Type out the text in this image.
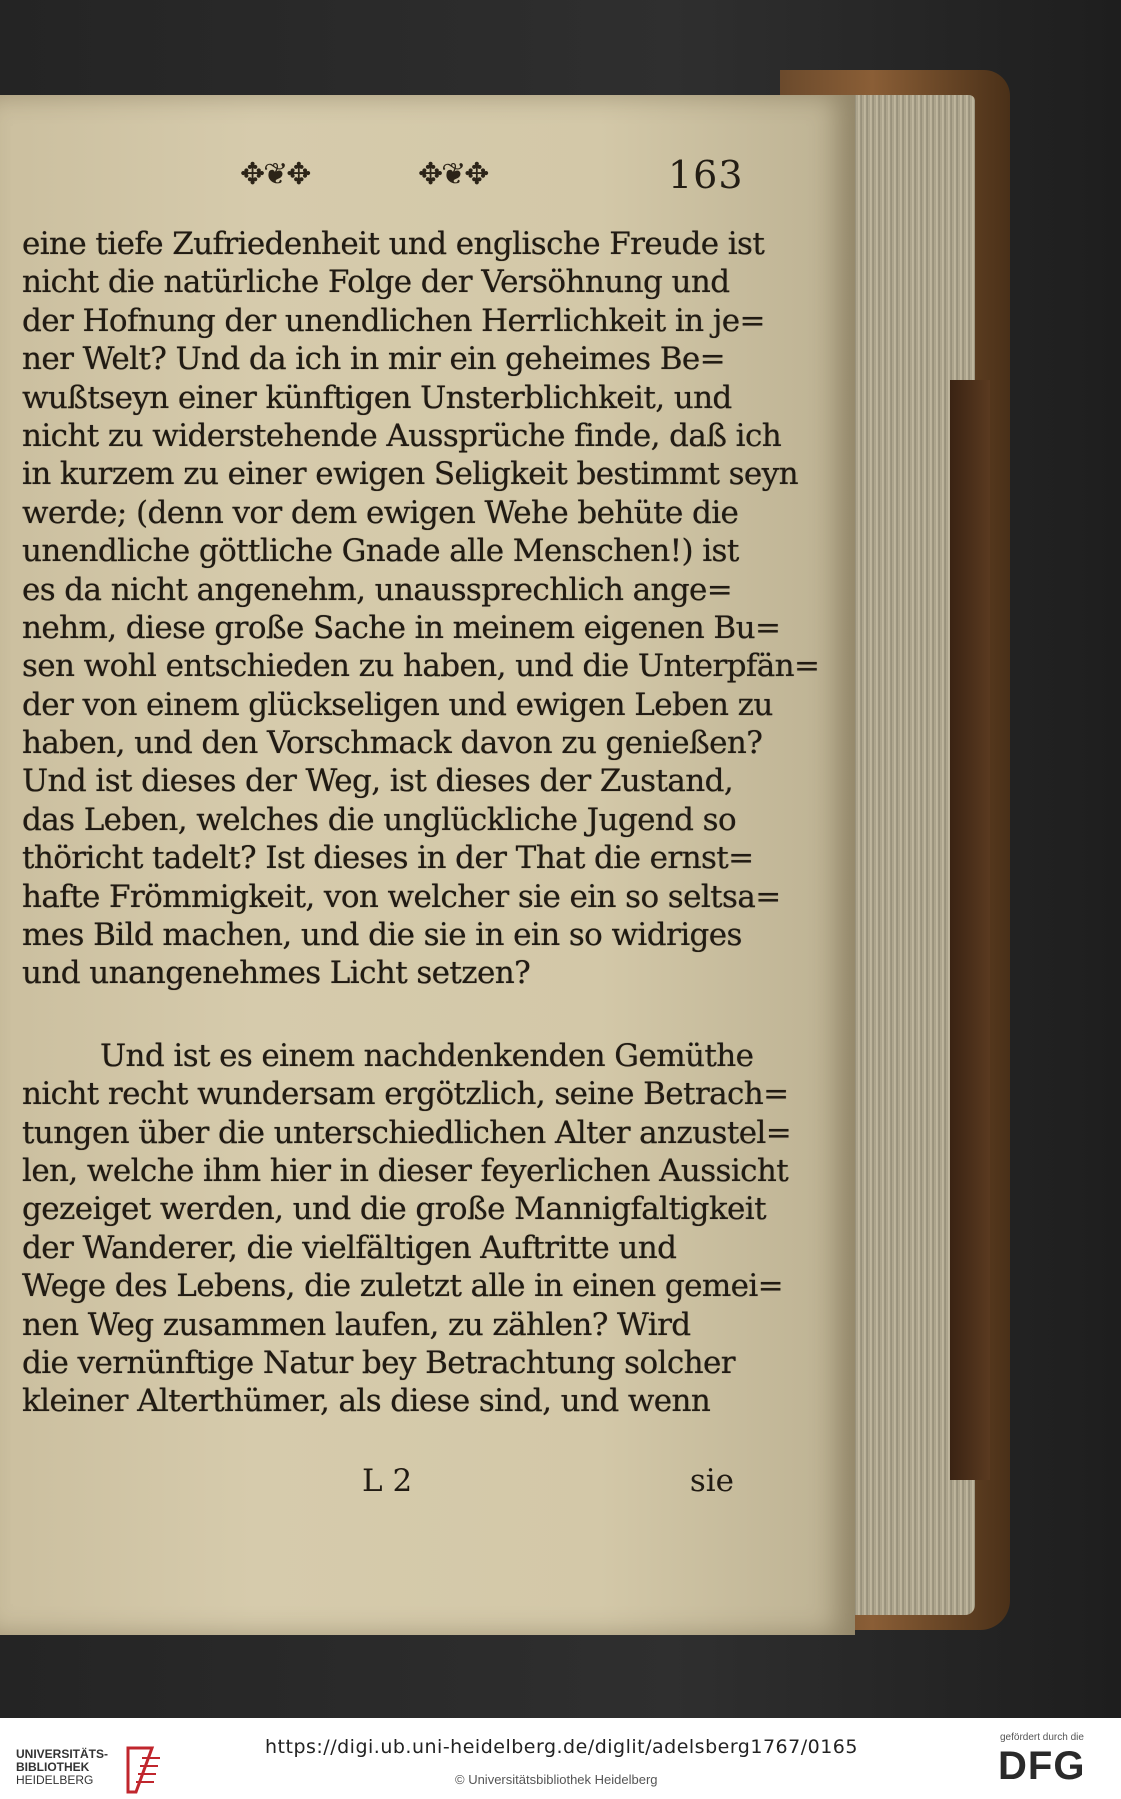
✥❦✥	✥❦✥	163
eine tiefe Zufriedenheit und englische Freude ist
nicht die natürliche Folge der Versöhnung und
der Hofnung der unendlichen Herrlichkeit in je=
ner Welt? Und da ich in mir ein geheimes Be=
wußtseyn einer künftigen Unsterblichkeit, und
nicht zu widerstehende Aussprüche finde, daß ich
in kurzem zu einer ewigen Seligkeit bestimmt seyn
werde; (denn vor dem ewigen Wehe behüte die
unendliche göttliche Gnade alle Menschen!) ist
es da nicht angenehm, unaussprechlich ange=
nehm, diese große Sache in meinem eigenen Bu=
sen wohl entschieden zu haben, und die Unterpfän=
der von einem glückseligen und ewigen Leben zu
haben, und den Vorschmack davon zu genießen?
Und ist dieses der Weg, ist dieses der Zustand,
das Leben, welches die unglückliche Jugend so
thöricht tadelt? Ist dieses in der That die ernst=
hafte Frömmigkeit, von welcher sie ein so seltsa=
mes Bild machen, und die sie in ein so widriges
und unangenehmes Licht setzen?
Und ist es einem nachdenkenden Gemüthe
nicht recht wundersam ergötzlich, seine Betrach=
tungen über die unterschiedlichen Alter anzustel=
len, welche ihm hier in dieser feyerlichen Aussicht
gezeiget werden, und die große Mannigfaltigkeit
der Wanderer, die vielfältigen Auftritte und
Wege des Lebens, die zuletzt alle in einen gemei=
nen Weg zusammen laufen, zu zählen? Wird
die vernünftige Natur bey Betrachtung solcher
kleiner Alterthümer, als diese sind, und wenn
L 2	sie
UNIVERSITÄTS-
BIBLIOTHEK
HEIDELBERG
https://digi.ub.uni-heidelberg.de/diglit/adelsberg1767/0165
© Universitätsbibliothek Heidelberg
gefördert durch die
DFG
